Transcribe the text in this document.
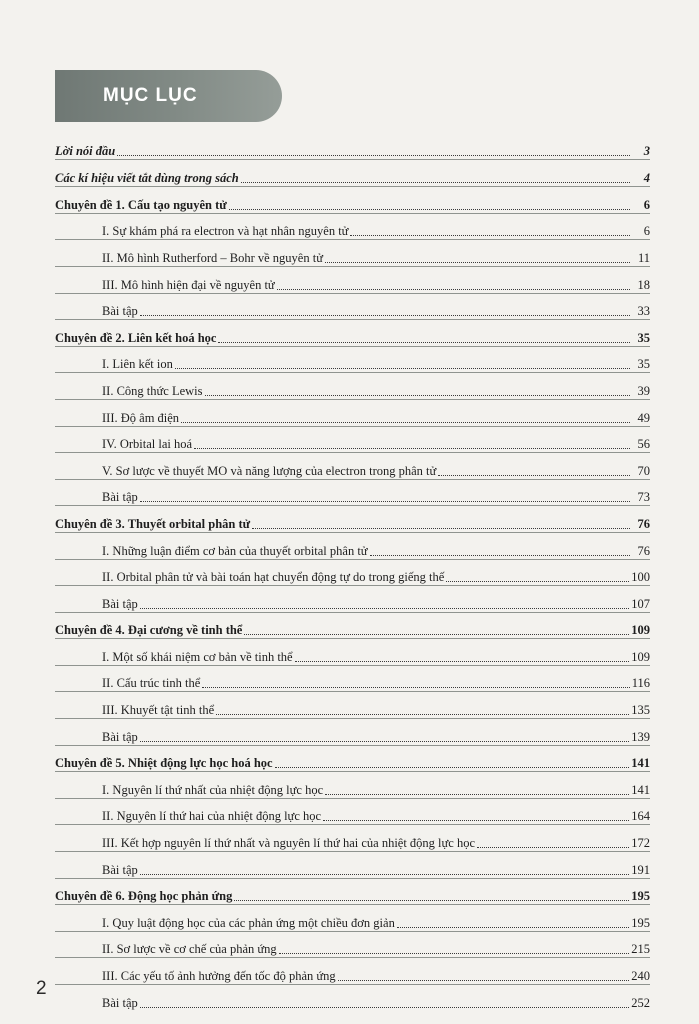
MỤC LỤC
Lời nói đầu	3
Các kí hiệu viết tắt dùng trong sách	4
Chuyên đề 1. Cấu tạo nguyên tử	6
I. Sự khám phá ra electron và hạt nhân nguyên tử	6
II. Mô hình Rutherford – Bohr về nguyên tử	11
III. Mô hình hiện đại về nguyên tử	18
Bài tập	33
Chuyên đề 2. Liên kết hoá học	35
I. Liên kết ion	35
II. Công thức Lewis	39
III. Độ âm điện	49
IV. Orbital lai hoá	56
V. Sơ lược về thuyết MO và năng lượng của electron trong phân tử	70
Bài tập	73
Chuyên đề 3. Thuyết orbital phân tử	76
I. Những luận điểm cơ bản của thuyết orbital phân tử	76
II. Orbital phân tử và bài toán hạt chuyển động tự do trong giếng thế	100
Bài tập	107
Chuyên đề 4. Đại cương về tinh thể	109
I. Một số khái niệm cơ bản về tinh thể	109
II. Cấu trúc tinh thể	116
III. Khuyết tật tinh thể	135
Bài tập	139
Chuyên đề 5. Nhiệt động lực học hoá học	141
I. Nguyên lí thứ nhất của nhiệt động lực học	141
II. Nguyên lí thứ hai của nhiệt động lực học	164
III. Kết hợp nguyên lí thứ nhất và nguyên lí thứ hai của nhiệt động lực học	172
Bài tập	191
Chuyên đề 6. Động học phản ứng	195
I. Quy luật động học của các phản ứng một chiều đơn giản	195
II. Sơ lược về cơ chế của phản ứng	215
III. Các yếu tố ảnh hưởng đến tốc độ phản ứng	240
Bài tập	252
2
